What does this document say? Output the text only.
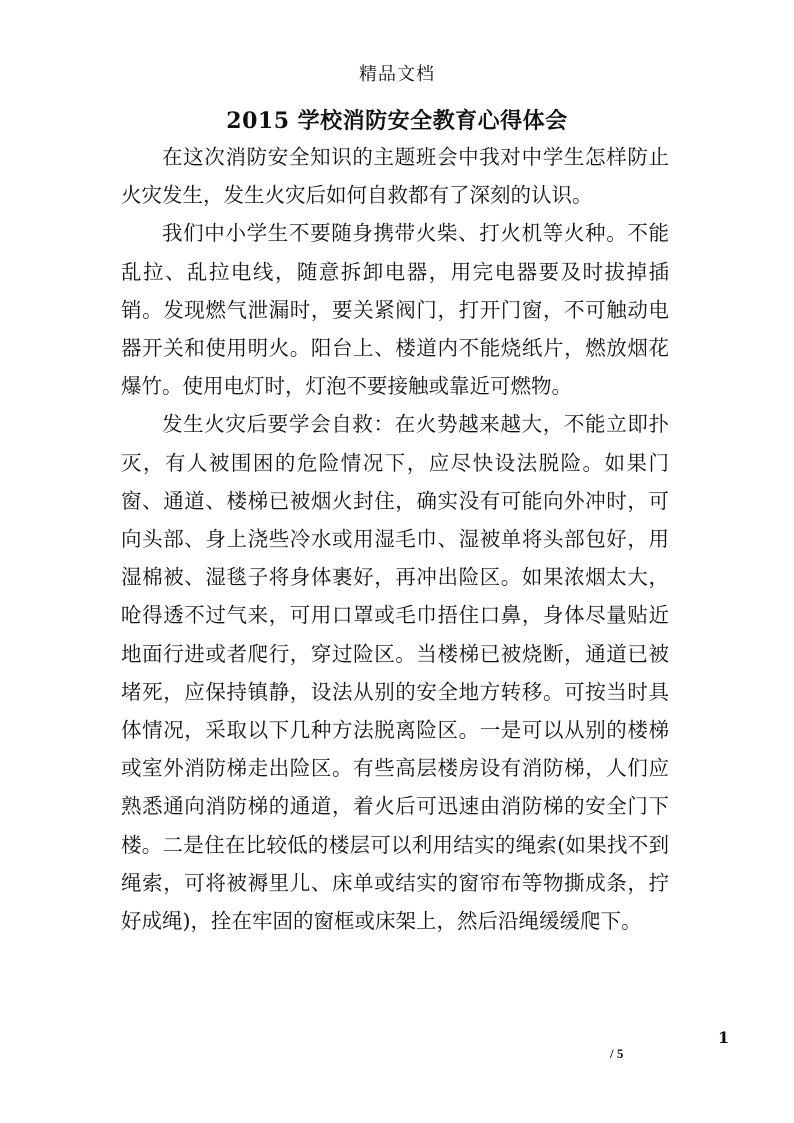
精品文档
2015 学校消防安全教育心得体会

在这次消防安全知识的主题班会中我对中学生怎样防止火灾发生，发生火灾后如何自救都有了深刻的认识。

我们中小学生不要随身携带火柴、打火机等火种。不能乱拉、乱拉电线，随意拆卸电器，用完电器要及时拔掉插销。发现燃气泄漏时，要关紧阀门，打开门窗，不可触动电器开关和使用明火。阳台上、楼道内不能烧纸片，燃放烟花爆竹。使用电灯时，灯泡不要接触或靠近可燃物。

发生火灾后要学会自救：在火势越来越大，不能立即扑灭，有人被围困的危险情况下，应尽快设法脱险。如果门窗、通道、楼梯已被烟火封住，确实没有可能向外冲时，可向头部、身上浇些冷水或用湿毛巾、湿被单将头部包好，用湿棉被、湿毯子将身体裹好，再冲出险区。如果浓烟太大，呛得透不过气来，可用口罩或毛巾捂住口鼻，身体尽量贴近地面行进或者爬行，穿过险区。当楼梯已被烧断，通道已被堵死，应保持镇静，设法从别的安全地方转移。可按当时具体情况，采取以下几种方法脱离险区。一是可以从别的楼梯或室外消防梯走出险区。有些高层楼房设有消防梯，人们应熟悉通向消防梯的通道，着火后可迅速由消防梯的安全门下楼。二是住在比较低的楼层可以利用结实的绳索(如果找不到绳索，可将被褥里儿、床单或结实的窗帘布等物撕成条，拧好成绳)，拴在牢固的窗框或床架上，然后沿绳缓缓爬下。

1
/ 5
